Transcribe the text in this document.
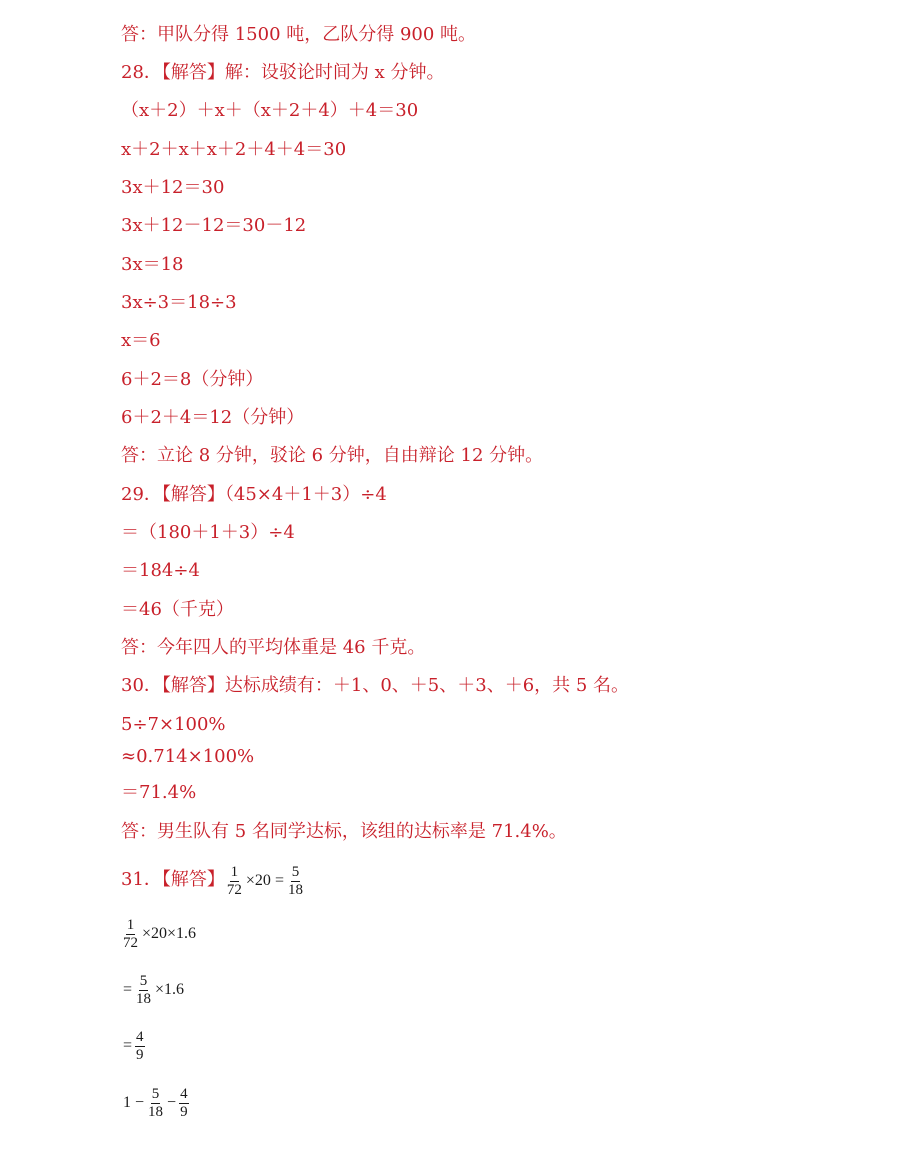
答：甲队分得 1500 吨，乙队分得 900 吨。
28．【解答】解：设驳论时间为 x 分钟。
（x＋2）＋x＋（x＋2＋4）＋4＝30
x＋2＋x＋x＋2＋4＋4＝30
3x＋12＝30
3x＋12－12＝30－12
3x＝18
3x÷3＝18÷3
x＝6
6＋2＝8（分钟）
6＋2＋4＝12（分钟）
答：立论 8 分钟，驳论 6 分钟，自由辩论 12 分钟。
29．【解答】（45×4＋1＋3）÷4
＝（180＋1＋3）÷4
＝184÷4
＝46（千克）
答：今年四人的平均体重是 46 千克。
30．【解答】达标成绩有：＋1、0、＋5、＋3、＋6，共 5 名。
5÷7×100%
≈0.714×100%
＝71.4%
答：男生队有 5 名同学达标，该组的达标率是 71.4%。
31．【解答】 $\frac{1}{72} \times 20 = \frac{5}{18}$
$\frac{1}{72} \times 20\times 1.6$
= $\frac{5}{18} \times 1.6$
= $\frac{4}{9}$
$1 - \frac{5}{18} - \frac{4}{9}$
